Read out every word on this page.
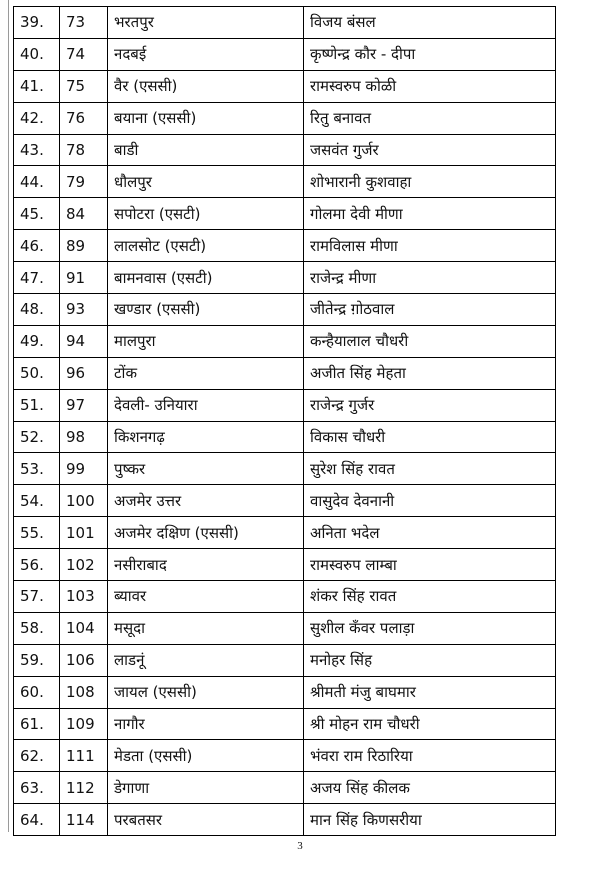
39.	73	भरतपुर	विजय बंसल
40.	74	नदबई	कृष्णेन्द्र कौर - दीपा
41.	75	वैर (एससी)	रामस्वरुप कोळी
42.	76	बयाना (एससी)	रितु बनावत
43.	78	बाडी	जसवंत गुर्जर
44.	79	धौलपुर	शोभारानी कुशवाहा
45.	84	सपोटरा (एसटी)	गोलमा देवी मीणा
46.	89	लालसोट (एसटी)	रामविलास मीणा
47.	91	बामनवास (एसटी)	राजेन्द्र मीणा
48.	93	खण्डार (एससी)	जीतेन्द्र ग़ोठवाल
49.	94	मालपुरा	कन्हैयालाल चौधरी
50.	96	टोंक	अजीत सिंह मेहता
51.	97	देवली- उनियारा	राजेन्द्र गुर्जर
52.	98	किशनगढ़	विकास चौधरी
53.	99	पुष्कर	सुरेश सिंह रावत
54.	100	अजमेर उत्तर	वासुदेव देवनानी
55.	101	अजमेर दक्षिण (एससी)	अनिता भदेल
56.	102	नसीराबाद	रामस्वरुप लाम्बा
57.	103	ब्यावर	शंकर सिंह रावत
58.	104	मसूदा	सुशील कँवर पलाड़ा
59.	106	लाडनूं	मनोहर सिंह
60.	108	जायल (एससी)	श्रीमती मंजु बाघमार
61.	109	नागौर	श्री मोहन राम चौधरी
62.	111	मेडता (एससी)	भंवरा राम रिठारिया
63.	112	डेगाणा	अजय सिंह कीलक
64.	114	परबतसर	मान सिंह किणसरीया
3
